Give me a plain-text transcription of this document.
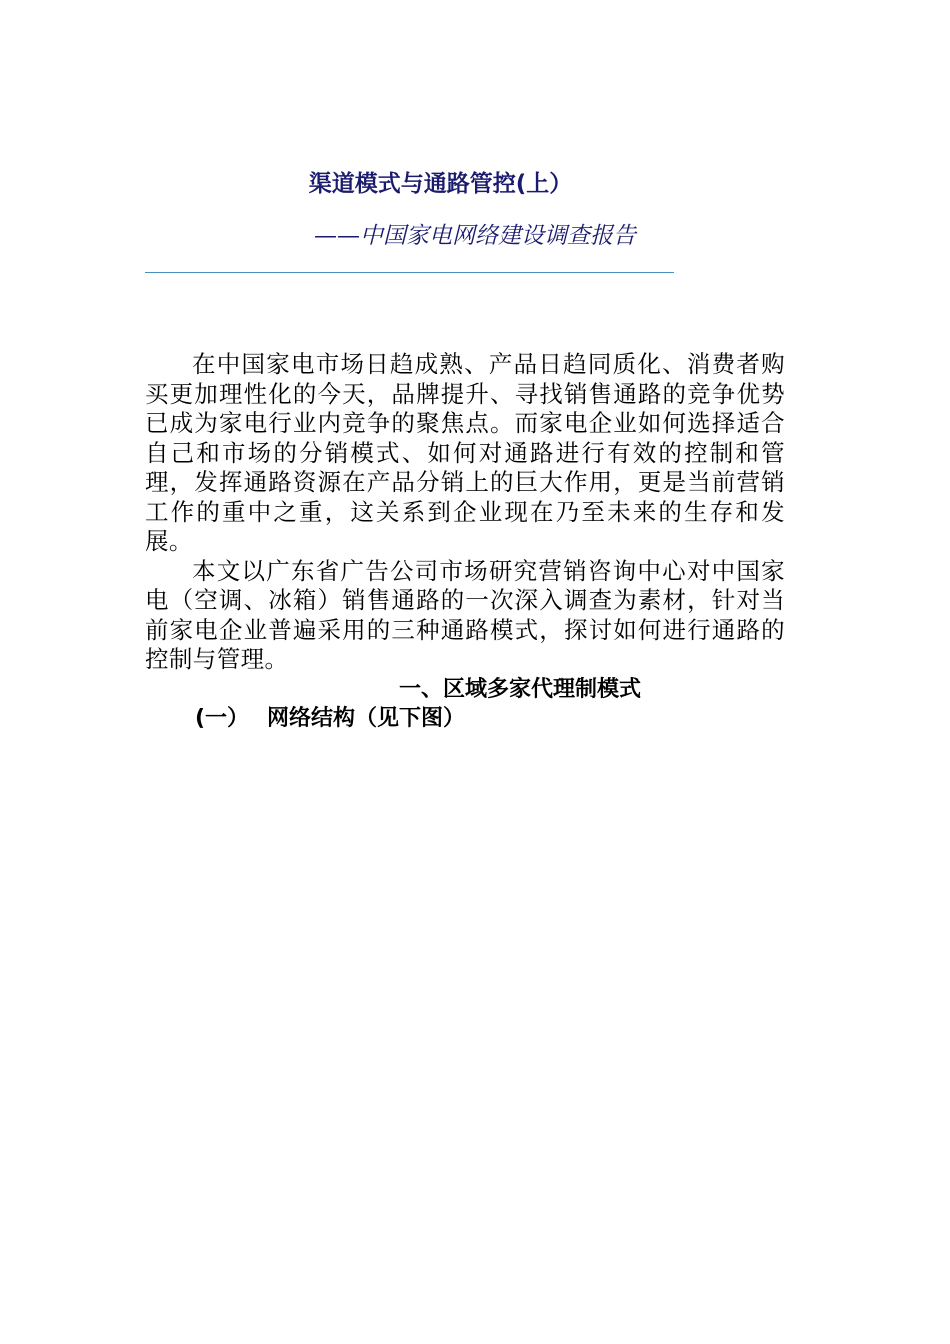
渠道模式与通路管控(上）

——中国家电网络建设调查报告

在中国家电市场日趋成熟、产品日趋同质化、消费者购买更加理性化的今天，品牌提升、寻找销售通路的竞争优势已成为家电行业内竞争的聚焦点。而家电企业如何选择适合自己和市场的分销模式、如何对通路进行有效的控制和管理，发挥通路资源在产品分销上的巨大作用，更是当前营销工作的重中之重，这关系到企业现在乃至未来的生存和发展。

本文以广东省广告公司市场研究营销咨询中心对中国家电（空调、冰箱）销售通路的一次深入调查为素材，针对当前家电企业普遍采用的三种通路模式，探讨如何进行通路的控制与管理。

一、区域多家代理制模式

(一） 网络结构（见下图）
